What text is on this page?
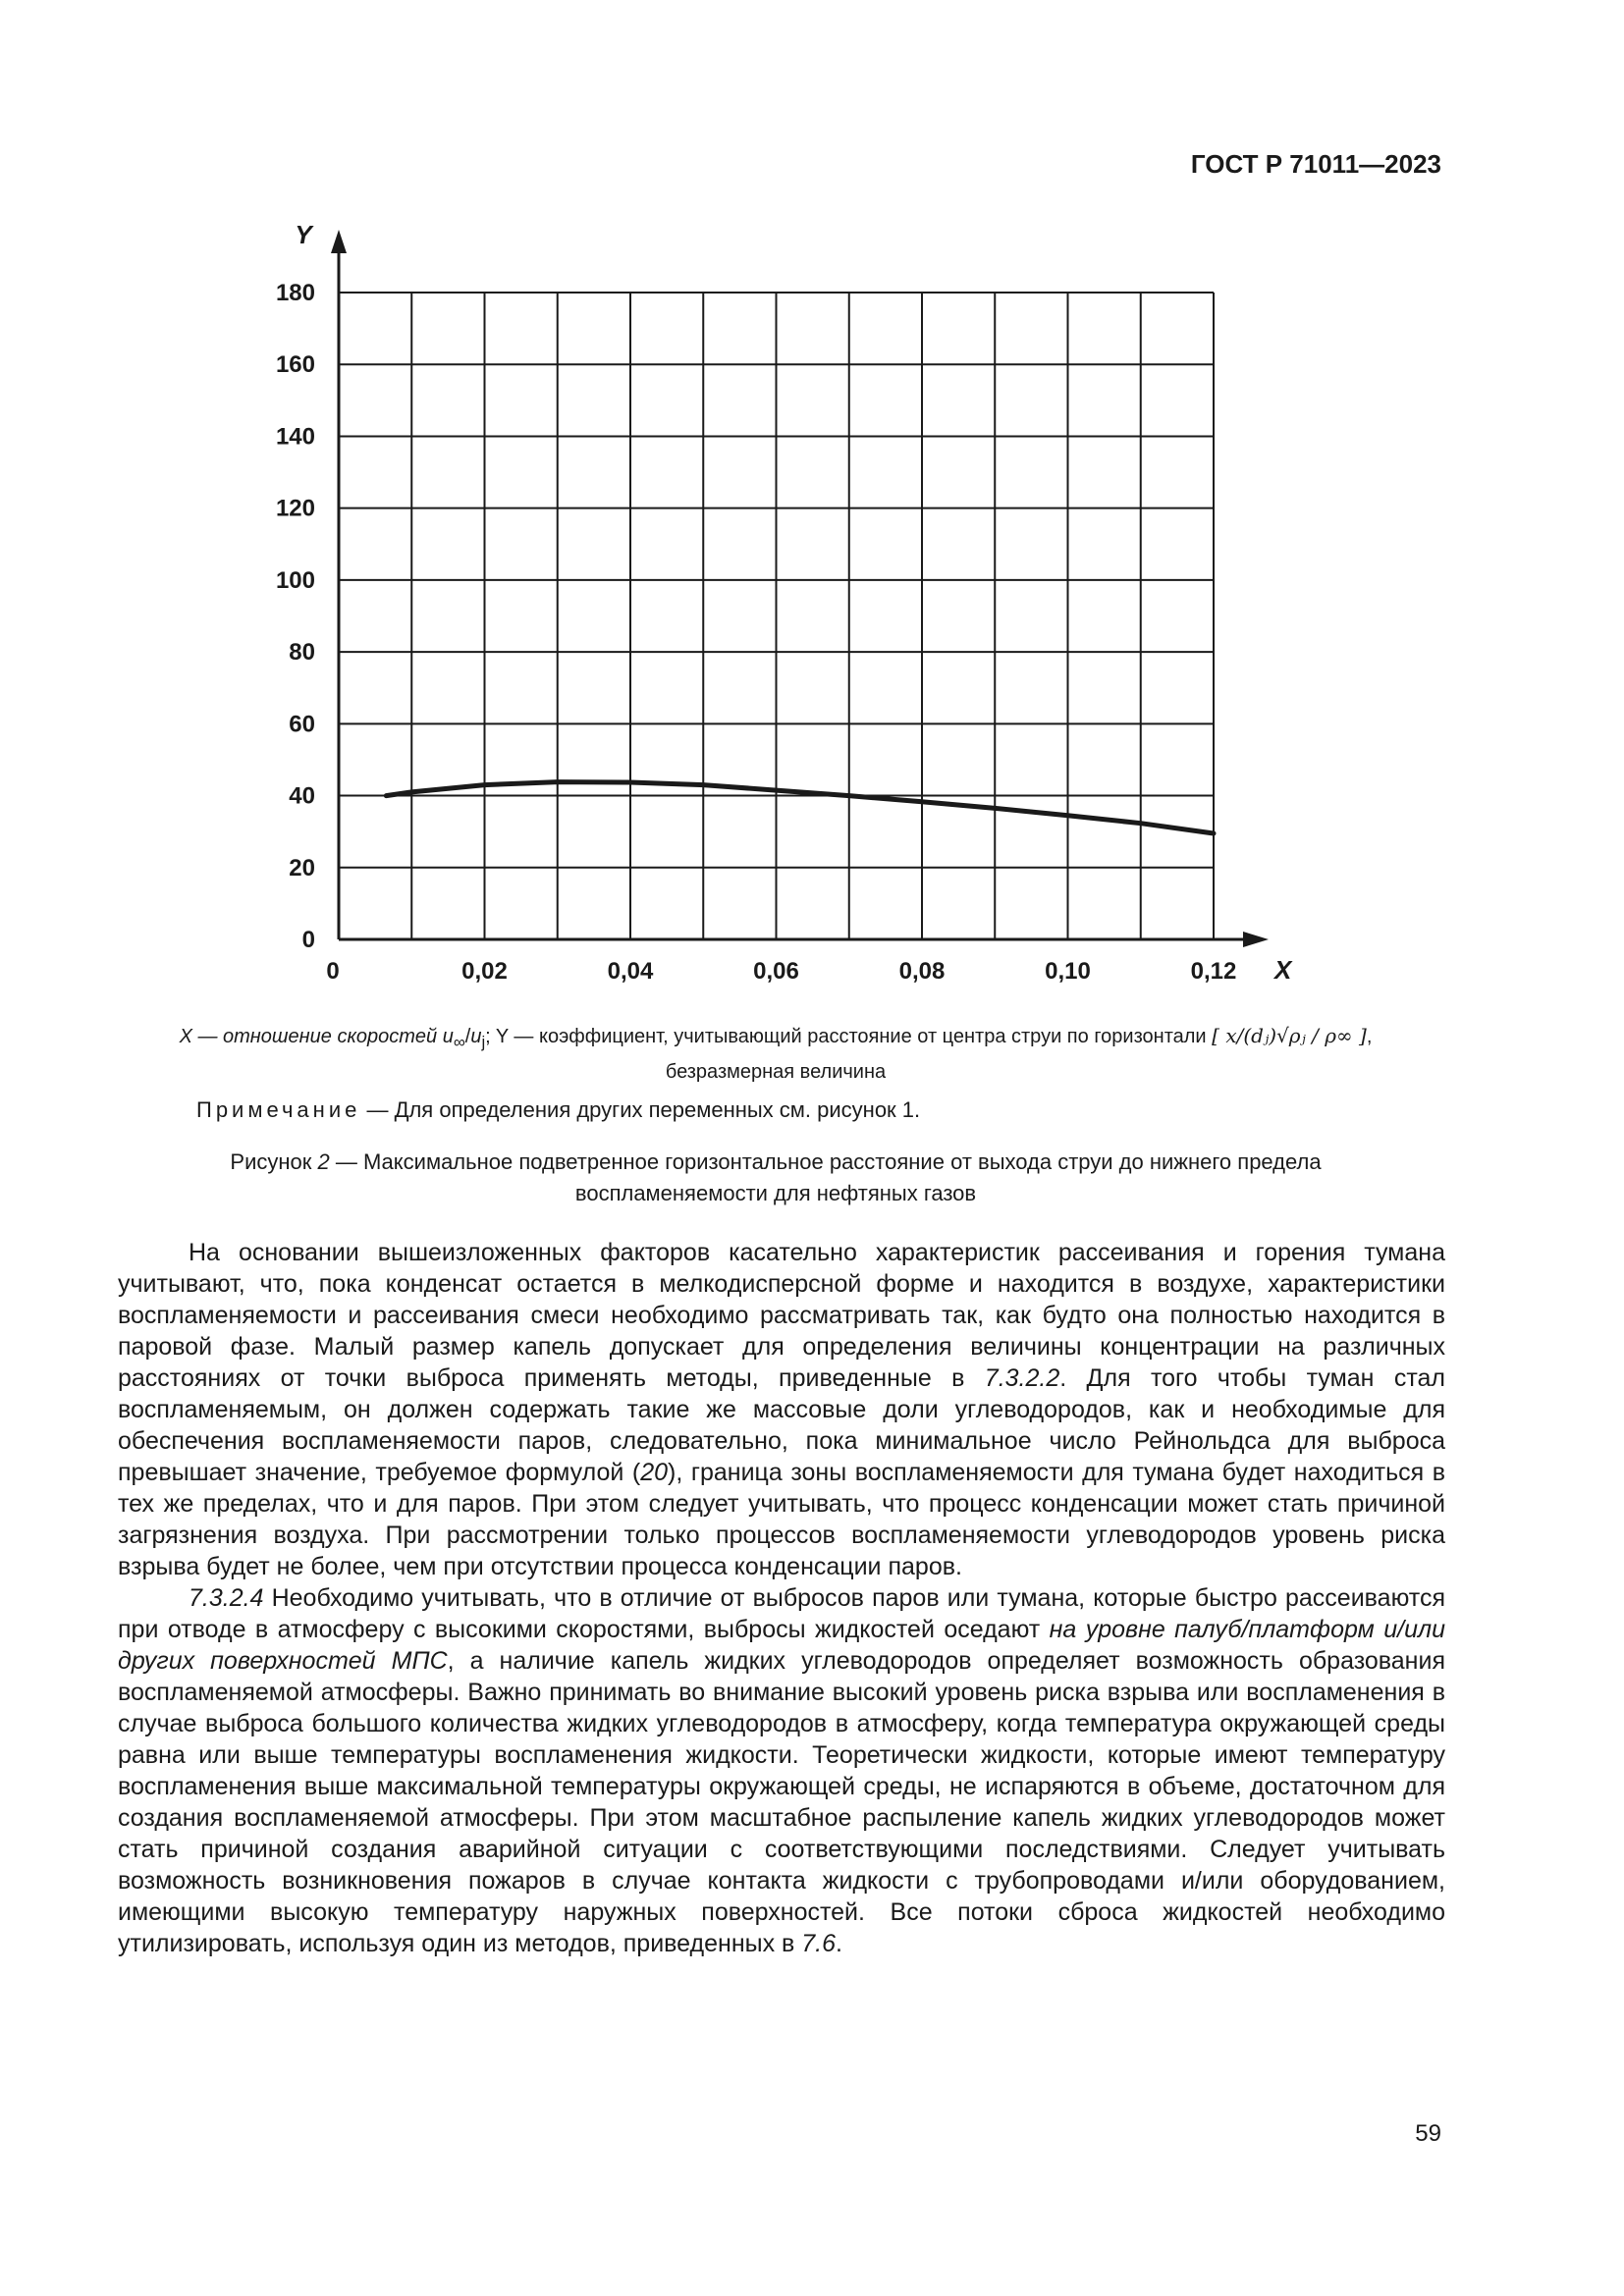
ГОСТ Р 71011—2023
0
20
40
60
80
100
120
140
160
180
0	0,02	0,04	0,06	0,08	0,10	0,12
Y
X
X — отношение скоростей $u_\infty/u_j$; Y — коэффициент, учитывающий расстояние от центра струи по горизонтали [ x/(dⱼ)√ρⱼ / ρ∞ ],
безразмерная величина
Примечание — Для определения других переменных см. рисунок 1.
Рисунок 2 — Максимальное подветренное горизонтальное расстояние от выхода струи до нижнего предела
воспламеняемости для нефтяных газов

На основании вышеизложенных факторов касательно характеристик рассеивания и горения тумана учитывают, что, пока конденсат остается в мелкодисперсной форме и находится в воздухе, характеристики воспламеняемости и рассеивания смеси необходимо рассматривать так, как будто она полностью находится в паровой фазе. Малый размер капель допускает для определения величины концентрации на различных расстояниях от точки выброса применять методы, приведенные в 7.3.2.2. Для того чтобы туман стал воспламеняемым, он должен содержать такие же массовые доли углеводородов, как и необходимые для обеспечения воспламеняемости паров, следовательно, пока минимальное число Рейнольдса для выброса превышает значение, требуемое формулой (20), граница зоны воспламеняемости для тумана будет находиться в тех же пределах, что и для паров. При этом следует учитывать, что процесс конденсации может стать причиной загрязнения воздуха. При рассмотрении только процессов воспламеняемости углеводородов уровень риска взрыва будет не более, чем при отсутствии процесса конденсации паров.

7.3.2.4 Необходимо учитывать, что в отличие от выбросов паров или тумана, которые быстро рассеиваются при отводе в атмосферу с высокими скоростями, выбросы жидкостей оседают на уровне палуб/платформ и/или других поверхностей МПС, а наличие капель жидких углеводородов определяет возможность образования воспламеняемой атмосферы. Важно принимать во внимание высокий уровень риска взрыва или воспламенения в случае выброса большого количества жидких углеводородов в атмосферу, когда температура окружающей среды равна или выше температуры воспламенения жидкости. Теоретически жидкости, которые имеют температуру воспламенения выше максимальной температуры окружающей среды, не испаряются в объеме, достаточном для создания воспламеняемой атмосферы. При этом масштабное распыление капель жидких углеводородов может стать причиной создания аварийной ситуации с соответствующими последствиями. Следует учитывать возможность возникновения пожаров в случае контакта жидкости с трубопроводами и/или оборудованием, имеющими высокую температуру наружных поверхностей. Все потоки сброса жидкостей необходимо утилизировать, используя один из методов, приведенных в 7.6.

59
